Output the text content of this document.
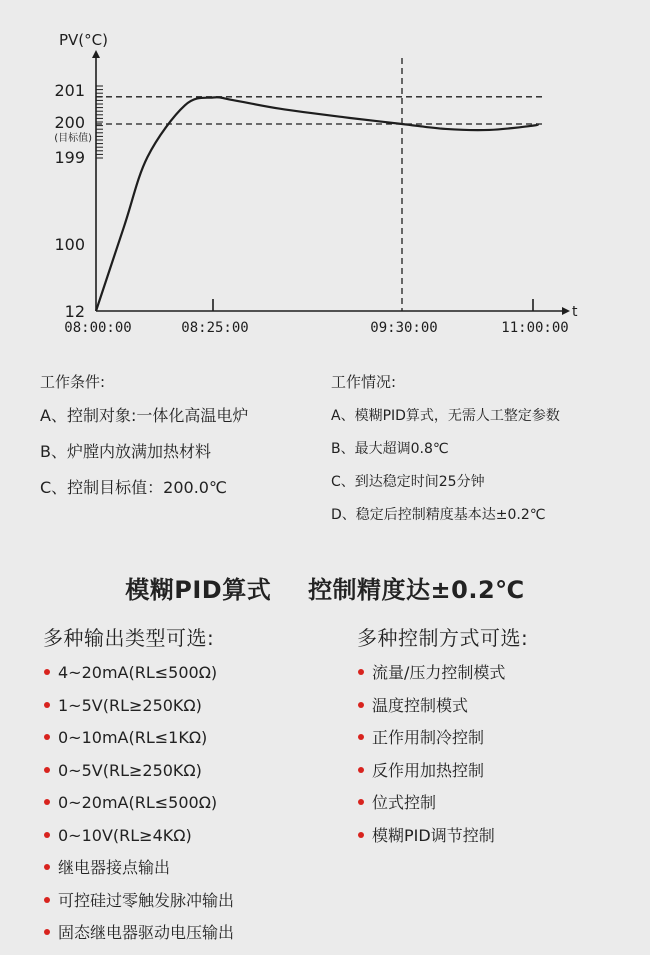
PV(°C)
t
12
100
199
200
201
(目标值)
08:00:00	08:25:00	09:30:00	11:00:00
工作条件:
A、控制对象:一体化高温电炉
B、炉膛内放满加热材料
C、控制目标值：200.0℃
工作情况:
A、模糊PID算式，无需人工整定参数
B、最大超调0.8℃
C、到达稳定时间25分钟
D、稳定后控制精度基本达±0.2℃
模糊PID算式 控制精度达±0.2℃
多种输出类型可选:
4~20mA(RL≤500Ω)
1~5V(RL≥250KΩ)
0~10mA(RL≤1KΩ)
0~5V(RL≥250KΩ)
0~20mA(RL≤500Ω)
0~10V(RL≥4KΩ)
继电器接点输出
可控硅过零触发脉冲输出
固态继电器驱动电压输出
多种控制方式可选:
流量/压力控制模式
温度控制模式
正作用制冷控制
反作用加热控制
位式控制
模糊PID调节控制
